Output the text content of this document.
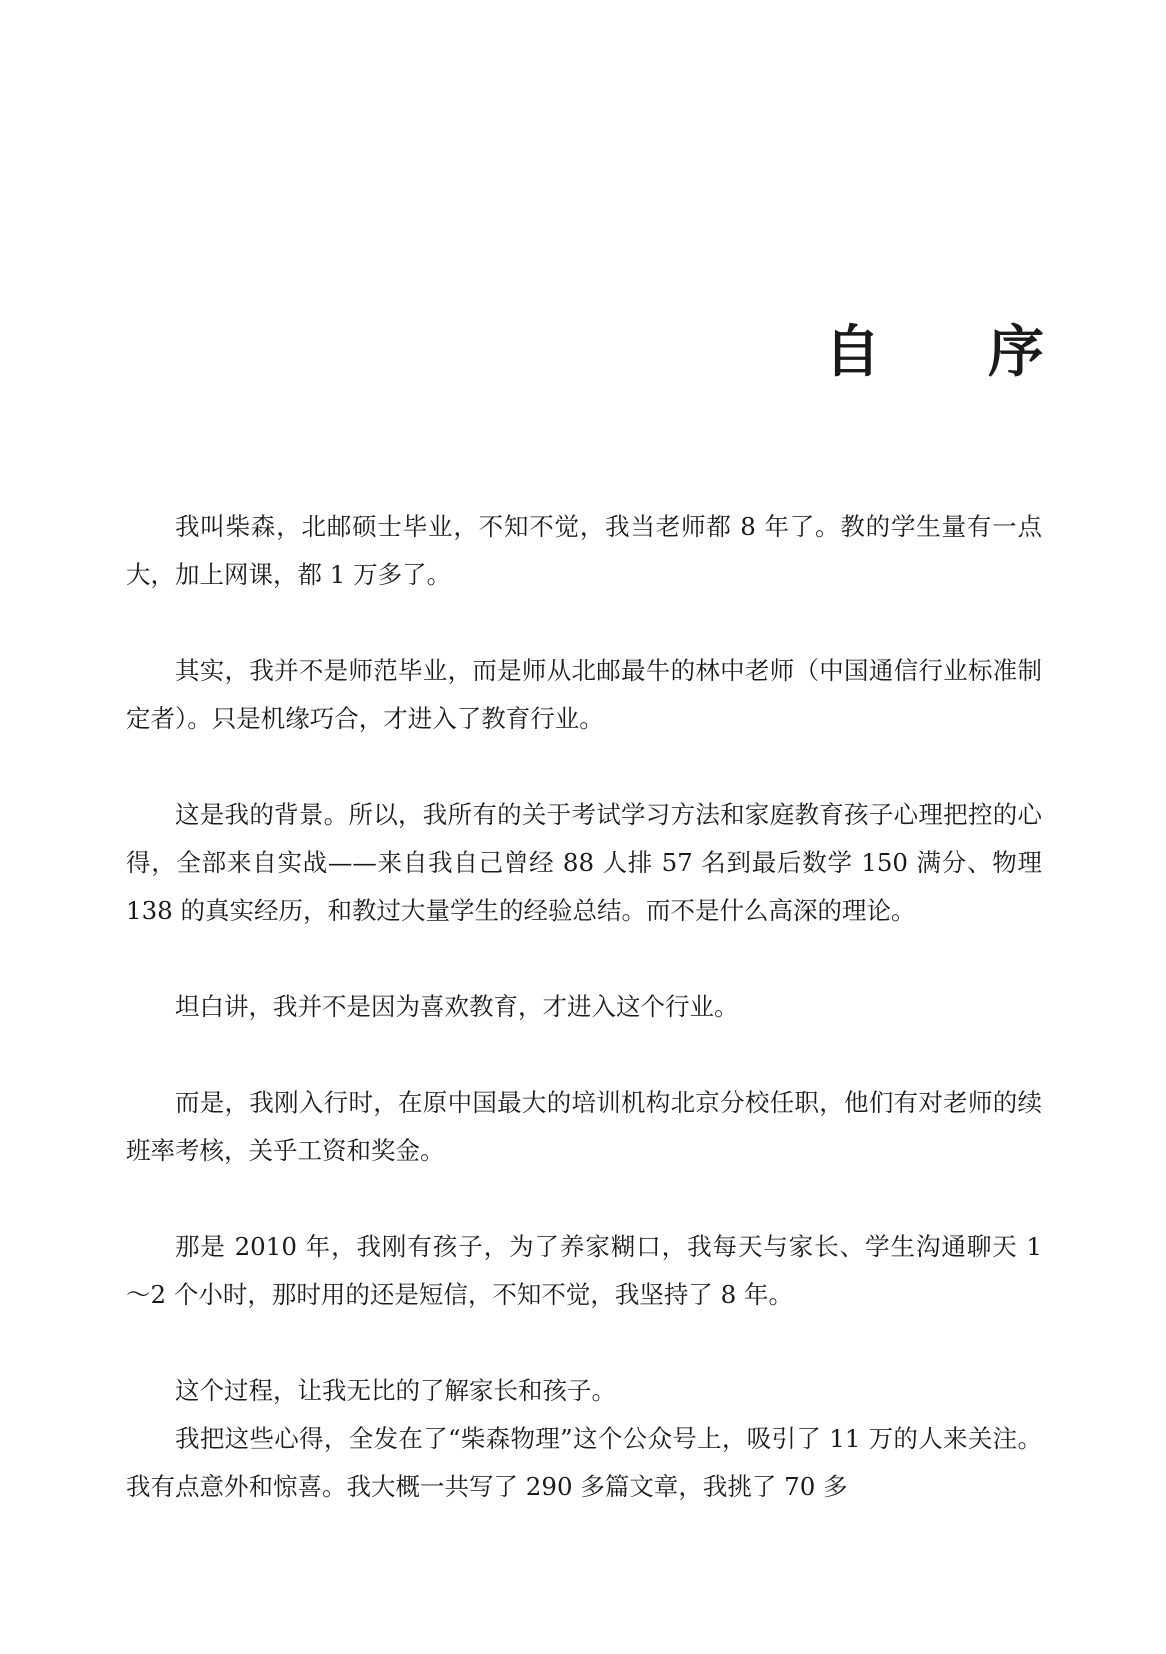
自 序

我叫柴森，北邮硕士毕业，不知不觉，我当老师都 8 年了。教的学生量有一点大，加上网课，都 1 万多了。

其实，我并不是师范毕业，而是师从北邮最牛的林中老师（中国通信行业标准制定者）。只是机缘巧合，才进入了教育行业。

这是我的背景。所以，我所有的关于考试学习方法和家庭教育孩子心理把控的心得，全部来自实战——来自我自己曾经 88 人排 57 名到最后数学 150 满分、物理 138 的真实经历，和教过大量学生的经验总结。而不是什么高深的理论。

坦白讲，我并不是因为喜欢教育，才进入这个行业。

而是，我刚入行时，在原中国最大的培训机构北京分校任职，他们有对老师的续班率考核，关乎工资和奖金。

那是 2010 年，我刚有孩子，为了养家糊口，我每天与家长、学生沟通聊天 1 ～2 个小时，那时用的还是短信，不知不觉，我坚持了 8 年。

这个过程，让我无比的了解家长和孩子。

我把这些心得，全发在了“柴森物理”这个公众号上，吸引了 11 万的人来关注。我有点意外和惊喜。我大概一共写了 290 多篇文章，我挑了 70 多
